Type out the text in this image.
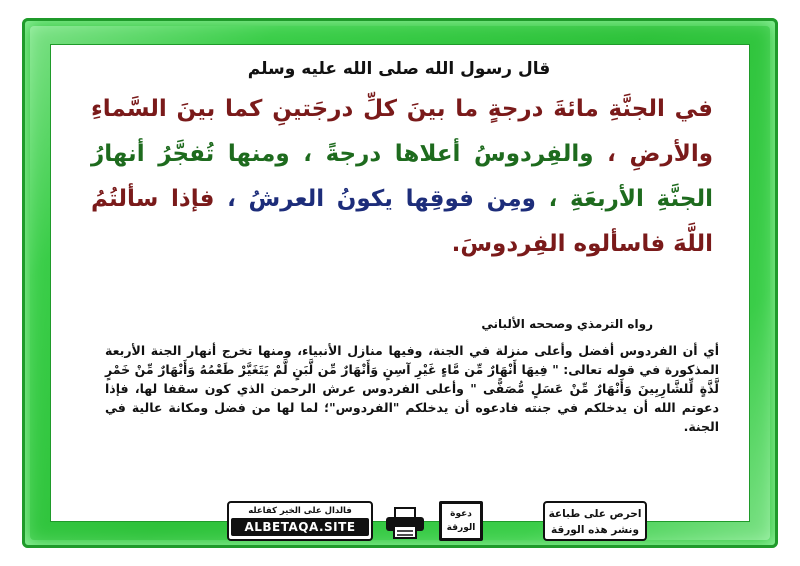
قال رسول الله صلى الله عليه وسلم
في الجنَّةِ مائةَ درجةٍ ما بينَ كلِّ درجَتينِ كما بينَ السَّماءِ والأرضِ ، والفِردوسُ أعلاها درجةً ، ومنها تُفجَّرُ أنهارُ الجنَّةِ الأربعَةِ ، ومِن فوقِها يكونُ العرشُ ، فإذا سألتُمُ اللَّهَ فاسألوه الفِردوسَ.
رواه الترمذي وصححه الألباني
أي أن الفردوس أفضل وأعلى منزلة في الجنة، وفيها منازل الأنبياء، ومنها تخرج أنهار الجنة الأربعة المذكورة في قوله تعالى: " فِيهَا أَنْهَارٌ مِّن مَّاءٍ غَيْرِ آسِنٍ وَأَنْهَارٌ مِّن لَّبَنٍ لَّمْ يَتَغَيَّرْ طَعْمُهُ وَأَنْهَارٌ مِّنْ خَمْرٍ لَّذَّةٍ لِّلشَّارِبِينَ وَأَنْهَارٌ مِّنْ عَسَلٍ مُّصَفًّى " وأعلى الفردوس عرش الرحمن الذي كون سقفا لها، فإذا دعوتم الله أن يدخلكم في جنته فادعوه أن يدخلكم "الفردوس"؛ لما لها من فضل ومكانة عالية في الجنة.
احرص على طباعة
ونشر هذه الورقة
دعوة
الورقة
فالدال على الخير كفاعله
ALBETAQA.SITE
